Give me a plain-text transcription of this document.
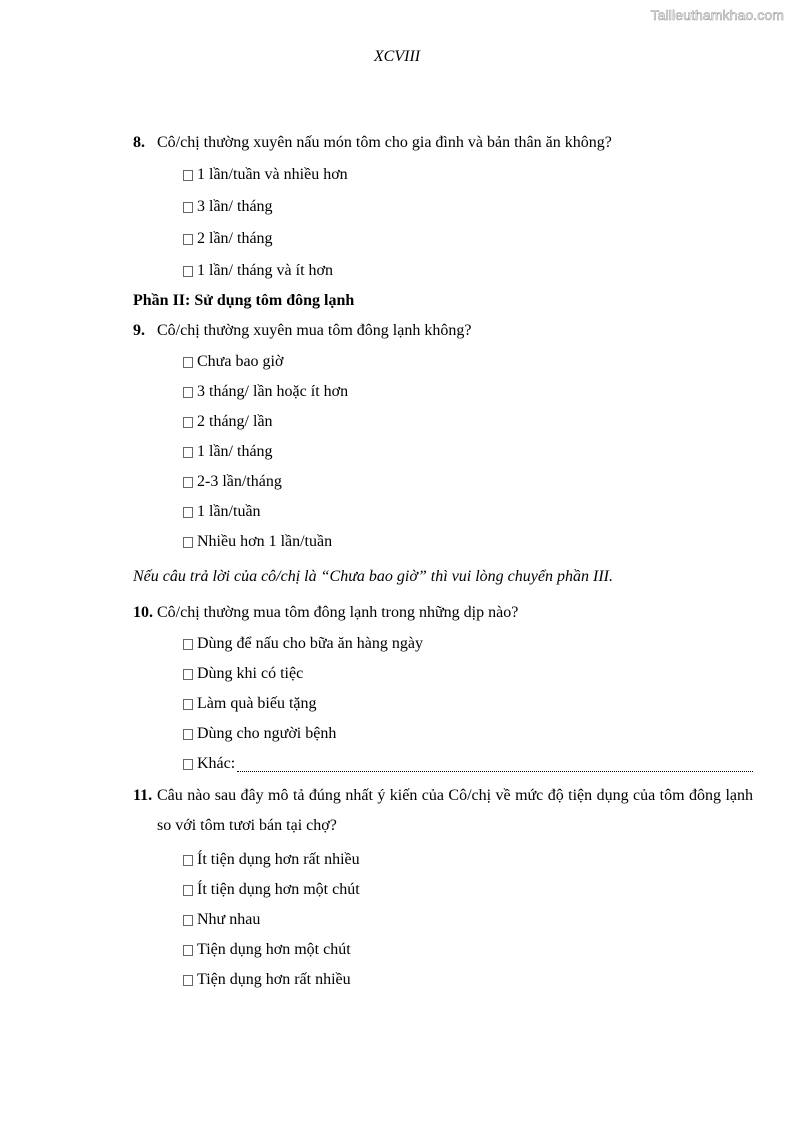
Tailieuthamkhao.com
XCVIII
8. Cô/chị thường xuyên nấu món tôm cho gia đình và bản thân ăn không?
1 lần/tuần và nhiều hơn
3 lần/ tháng
2 lần/ tháng
1 lần/ tháng và ít hơn
Phần II: Sử dụng tôm đông lạnh
9. Cô/chị thường xuyên mua tôm đông lạnh không?
Chưa bao giờ
3 tháng/ lần hoặc ít hơn
2 tháng/ lần
1 lần/ tháng
2-3 lần/tháng
1 lần/tuần
Nhiều hơn 1 lần/tuần
Nếu câu trả lời của cô/chị là “Chưa bao giờ” thì vui lòng chuyển phần III.
10. Cô/chị thường mua tôm đông lạnh trong những dịp nào?
Dùng để nấu cho bữa ăn hàng ngày
Dùng khi có tiệc
Làm quà biếu tặng
Dùng cho người bệnh
Khác:
11. Câu nào sau đây mô tả đúng nhất ý kiến của Cô/chị về mức độ tiện dụng của tôm đông lạnh so với tôm tươi bán tại chợ?
Ít tiện dụng hơn rất nhiều
Ít tiện dụng hơn một chút
Như nhau
Tiện dụng hơn một chút
Tiện dụng hơn rất nhiều
